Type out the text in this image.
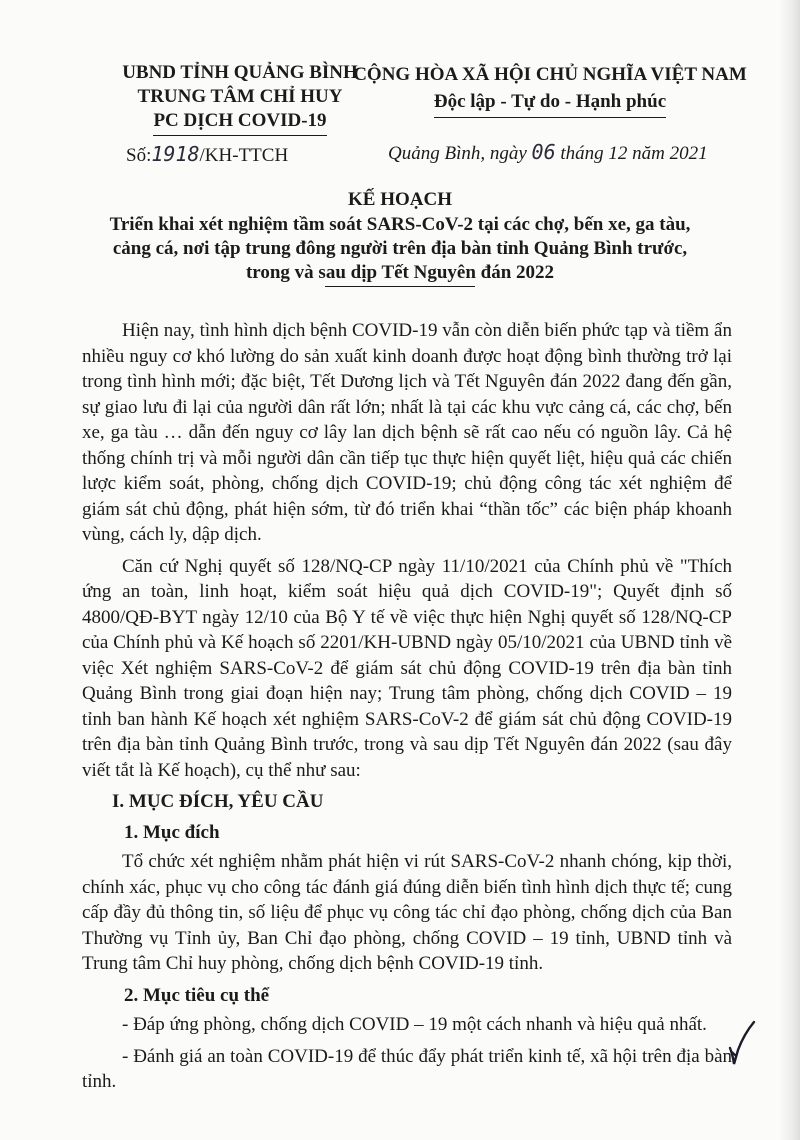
UBND TỈNH QUẢNG BÌNH
TRUNG TÂM CHỈ HUY
PC DỊCH COVID-19
Số:1918/KH-TTCH
CỘNG HÒA XÃ HỘI CHỦ NGHĨA VIỆT NAM
Độc lập - Tự do - Hạnh phúc
Quảng Bình, ngày 06 tháng 12 năm 2021
KẾ HOẠCH
Triển khai xét nghiệm tầm soát SARS-CoV-2 tại các chợ, bến xe, ga tàu,
cảng cá, nơi tập trung đông người trên địa bàn tỉnh Quảng Bình trước,
trong và sau dịp Tết Nguyên đán 2022

Hiện nay, tình hình dịch bệnh COVID-19 vẫn còn diễn biến phức tạp và tiềm ẩn nhiều nguy cơ khó lường do sản xuất kinh doanh được hoạt động bình thường trở lại trong tình hình mới; đặc biệt, Tết Dương lịch và Tết Nguyên đán 2022 đang đến gần, sự giao lưu đi lại của người dân rất lớn; nhất là tại các khu vực cảng cá, các chợ, bến xe, ga tàu … dẫn đến nguy cơ lây lan dịch bệnh sẽ rất cao nếu có nguồn lây. Cả hệ thống chính trị và mỗi người dân cần tiếp tục thực hiện quyết liệt, hiệu quả các chiến lược kiểm soát, phòng, chống dịch COVID-19; chủ động công tác xét nghiệm để giám sát chủ động, phát hiện sớm, từ đó triển khai “thần tốc” các biện pháp khoanh vùng, cách ly, dập dịch.

Căn cứ Nghị quyết số 128/NQ-CP ngày 11/10/2021 của Chính phủ về "Thích ứng an toàn, linh hoạt, kiểm soát hiệu quả dịch COVID-19"; Quyết định số 4800/QĐ-BYT ngày 12/10 của Bộ Y tế về việc thực hiện Nghị quyết số 128/NQ-CP của Chính phủ và Kế hoạch số 2201/KH-UBND ngày 05/10/2021 của UBND tỉnh về việc Xét nghiệm SARS-CoV-2 để giám sát chủ động COVID-19 trên địa bàn tỉnh Quảng Bình trong giai đoạn hiện nay; Trung tâm phòng, chống dịch COVID – 19 tỉnh ban hành Kế hoạch xét nghiệm SARS-CoV-2 để giám sát chủ động COVID-19 trên địa bàn tỉnh Quảng Bình trước, trong và sau dịp Tết Nguyên đán 2022 (sau đây viết tắt là Kế hoạch), cụ thể như sau:

I. MỤC ĐÍCH, YÊU CẦU
1. Mục đích

Tổ chức xét nghiệm nhằm phát hiện vi rút SARS-CoV-2 nhanh chóng, kịp thời, chính xác, phục vụ cho công tác đánh giá đúng diễn biến tình hình dịch thực tế; cung cấp đầy đủ thông tin, số liệu để phục vụ công tác chỉ đạo phòng, chống dịch của Ban Thường vụ Tỉnh ủy, Ban Chỉ đạo phòng, chống COVID – 19 tỉnh, UBND tỉnh và Trung tâm Chỉ huy phòng, chống dịch bệnh COVID-19 tỉnh.

2. Mục tiêu cụ thể

- Đáp ứng phòng, chống dịch COVID – 19 một cách nhanh và hiệu quả nhất.

- Đánh giá an toàn COVID-19 để thúc đẩy phát triển kinh tế, xã hội trên địa bàn tỉnh.
